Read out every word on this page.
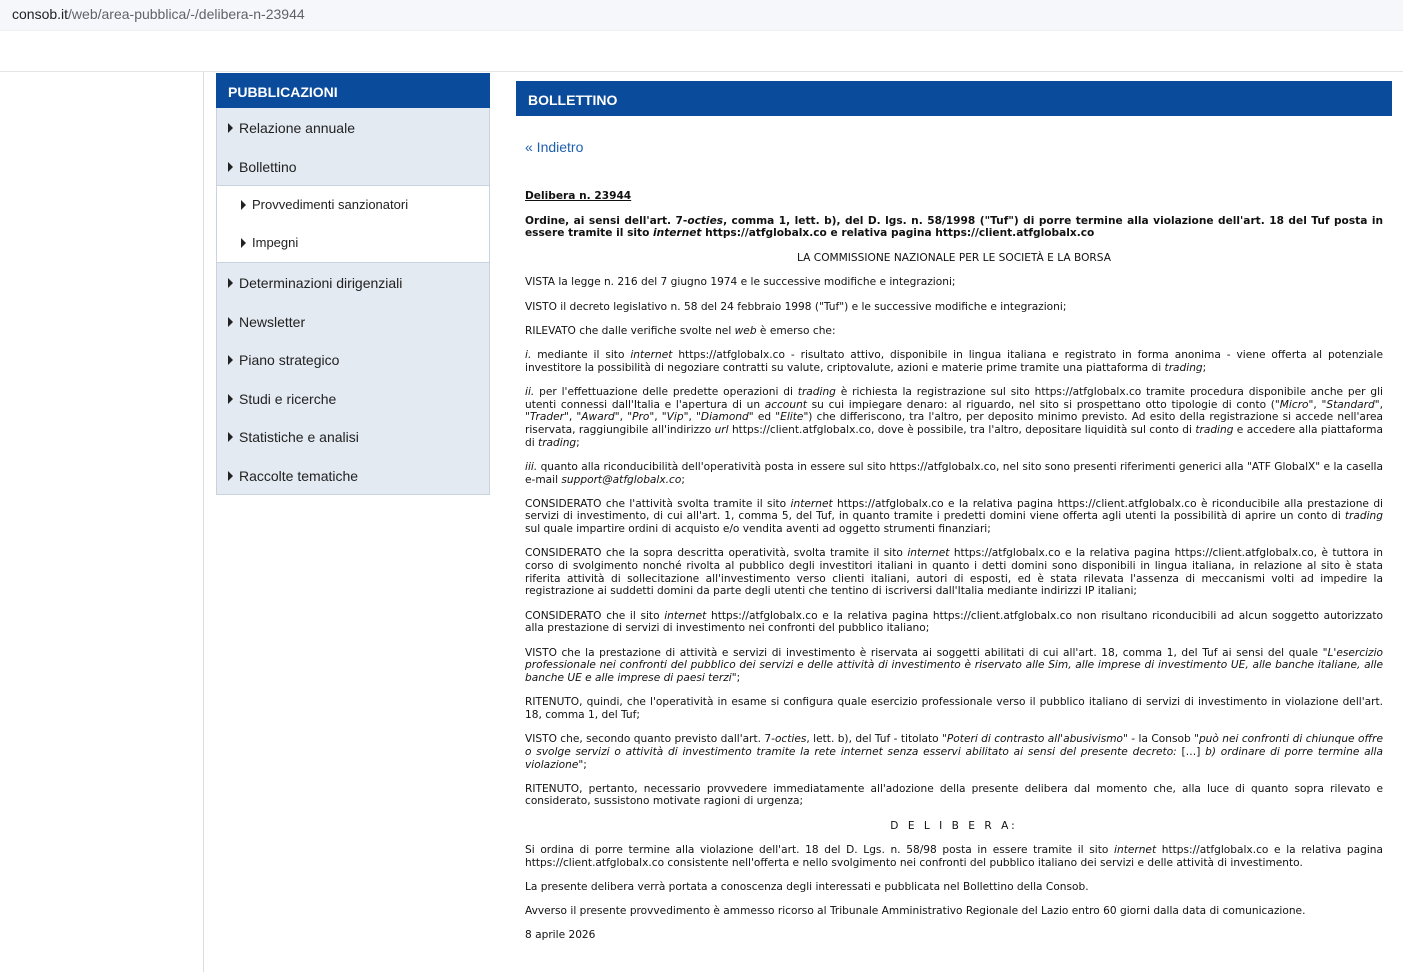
consob.it/web/area-pubblica/-/delibera-n-23944
PUBBLICAZIONI
Relazione annuale
Bollettino
Provvedimenti sanzionatori
Impegni
Determinazioni dirigenziali
Newsletter
Piano strategico
Studi e ricerche
Statistiche e analisi
Raccolte tematiche
BOLLETTINO
« Indietro

Delibera n. 23944

Ordine, ai sensi dell'art. 7-octies, comma 1, lett. b), del D. lgs. n. 58/1998 ("Tuf") di porre termine alla violazione dell'art. 18 del Tuf posta in essere tramite il sito internet https://atfglobalx.co e relativa pagina https://client.atfglobalx.co

LA COMMISSIONE NAZIONALE PER LE SOCIETÀ E LA BORSA

VISTA la legge n. 216 del 7 giugno 1974 e le successive modifiche e integrazioni;

VISTO il decreto legislativo n. 58 del 24 febbraio 1998 ("Tuf") e le successive modifiche e integrazioni;

RILEVATO che dalle verifiche svolte nel web è emerso che:

i. mediante il sito internet https://atfglobalx.co - risultato attivo, disponibile in lingua italiana e registrato in forma anonima - viene offerta al potenziale investitore la possibilità di negoziare contratti su valute, criptovalute, azioni e materie prime tramite una piattaforma di trading;

ii. per l'effettuazione delle predette operazioni di trading è richiesta la registrazione sul sito https://atfglobalx.co tramite procedura disponibile anche per gli utenti connessi dall'Italia e l'apertura di un account su cui impiegare denaro: al riguardo, nel sito si prospettano otto tipologie di conto ("Micro", "Standard", "Trader", "Award", "Pro", "Vip", "Diamond" ed "Elite") che differiscono, tra l'altro, per deposito minimo previsto. Ad esito della registrazione si accede nell'area riservata, raggiungibile all'indirizzo url https://client.atfglobalx.co, dove è possibile, tra l'altro, depositare liquidità sul conto di trading e accedere alla piattaforma di trading;

iii. quanto alla riconducibilità dell'operatività posta in essere sul sito https://atfglobalx.co, nel sito sono presenti riferimenti generici alla "ATF GlobalX" e la casella e-mail support@atfglobalx.co;

CONSIDERATO che l'attività svolta tramite il sito internet https://atfglobalx.co e la relativa pagina https://client.atfglobalx.co è riconducibile alla prestazione di servizi di investimento, di cui all'art. 1, comma 5, del Tuf, in quanto tramite i predetti domini viene offerta agli utenti la possibilità di aprire un conto di trading sul quale impartire ordini di acquisto e/o vendita aventi ad oggetto strumenti finanziari;

CONSIDERATO che la sopra descritta operatività, svolta tramite il sito internet https://atfglobalx.co e la relativa pagina https://client.atfglobalx.co, è tuttora in corso di svolgimento nonché rivolta al pubblico degli investitori italiani in quanto i detti domini sono disponibili in lingua italiana, in relazione al sito è stata riferita attività di sollecitazione all'investimento verso clienti italiani, autori di esposti, ed è stata rilevata l'assenza di meccanismi volti ad impedire la registrazione ai suddetti domini da parte degli utenti che tentino di iscriversi dall'Italia mediante indirizzi IP italiani;

CONSIDERATO che il sito internet https://atfglobalx.co e la relativa pagina https://client.atfglobalx.co non risultano riconducibili ad alcun soggetto autorizzato alla prestazione di servizi di investimento nei confronti del pubblico italiano;

VISTO che la prestazione di attività e servizi di investimento è riservata ai soggetti abilitati di cui all'art. 18, comma 1, del Tuf ai sensi del quale "L'esercizio professionale nei confronti del pubblico dei servizi e delle attività di investimento è riservato alle Sim, alle imprese di investimento UE, alle banche italiane, alle banche UE e alle imprese di paesi terzi";

RITENUTO, quindi, che l'operatività in esame si configura quale esercizio professionale verso il pubblico italiano di servizi di investimento in violazione dell'art. 18, comma 1, del Tuf;

VISTO che, secondo quanto previsto dall'art. 7-octies, lett. b), del Tuf - titolato "Poteri di contrasto all'abusivismo" - la Consob "può nei confronti di chiunque offre o svolge servizi o attività di investimento tramite la rete internet senza esservi abilitato ai sensi del presente decreto: […] b) ordinare di porre termine alla violazione";

RITENUTO, pertanto, necessario provvedere immediatamente all'adozione della presente delibera dal momento che, alla luce di quanto sopra rilevato e considerato, sussistono motivate ragioni di urgenza;

D E L I B E R A:

Si ordina di porre termine alla violazione dell'art. 18 del D. Lgs. n. 58/98 posta in essere tramite il sito internet https://atfglobalx.co e la relativa pagina https://client.atfglobalx.co consistente nell'offerta e nello svolgimento nei confronti del pubblico italiano dei servizi e delle attività di investimento.

La presente delibera verrà portata a conoscenza degli interessati e pubblicata nel Bollettino della Consob.

Avverso il presente provvedimento è ammesso ricorso al Tribunale Amministrativo Regionale del Lazio entro 60 giorni dalla data di comunicazione.

8 aprile 2026
